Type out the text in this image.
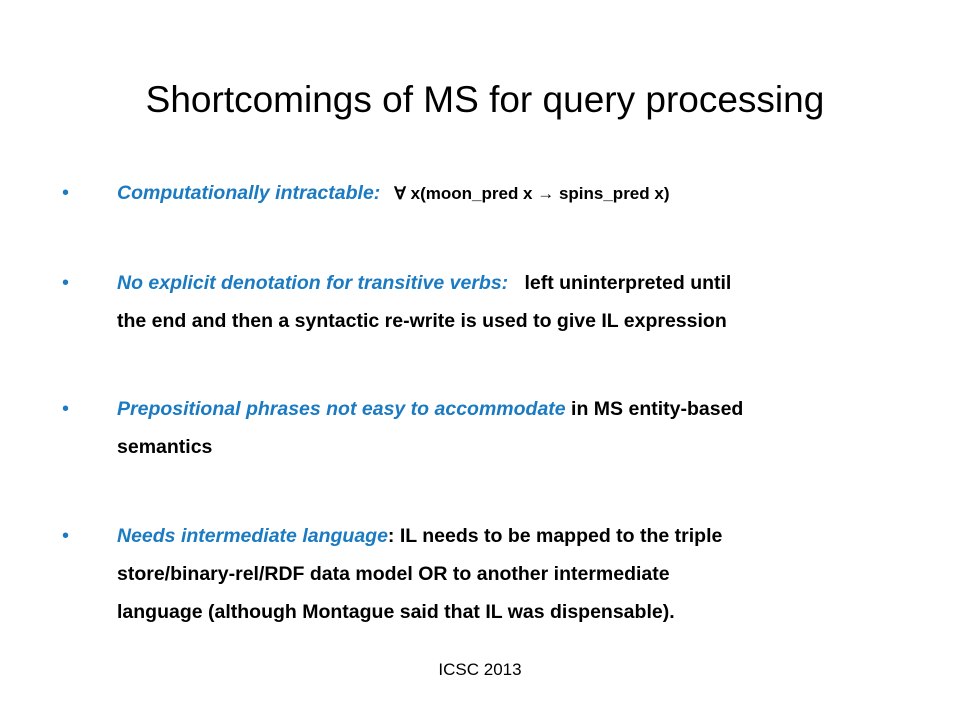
Shortcomings of MS for query processing
• Computationally intractable: ∀ x(moon_pred x → spins_pred x)
• No explicit denotation for transitive verbs: left uninterpreted until
the end and then a syntactic re-write is used to give IL expression
• Prepositional phrases not easy to accommodate in MS entity-based
semantics
• Needs intermediate language: IL needs to be mapped to the triple
store/binary-rel/RDF data model OR to another intermediate
language (although Montague said that IL was dispensable).
ICSC 2013
